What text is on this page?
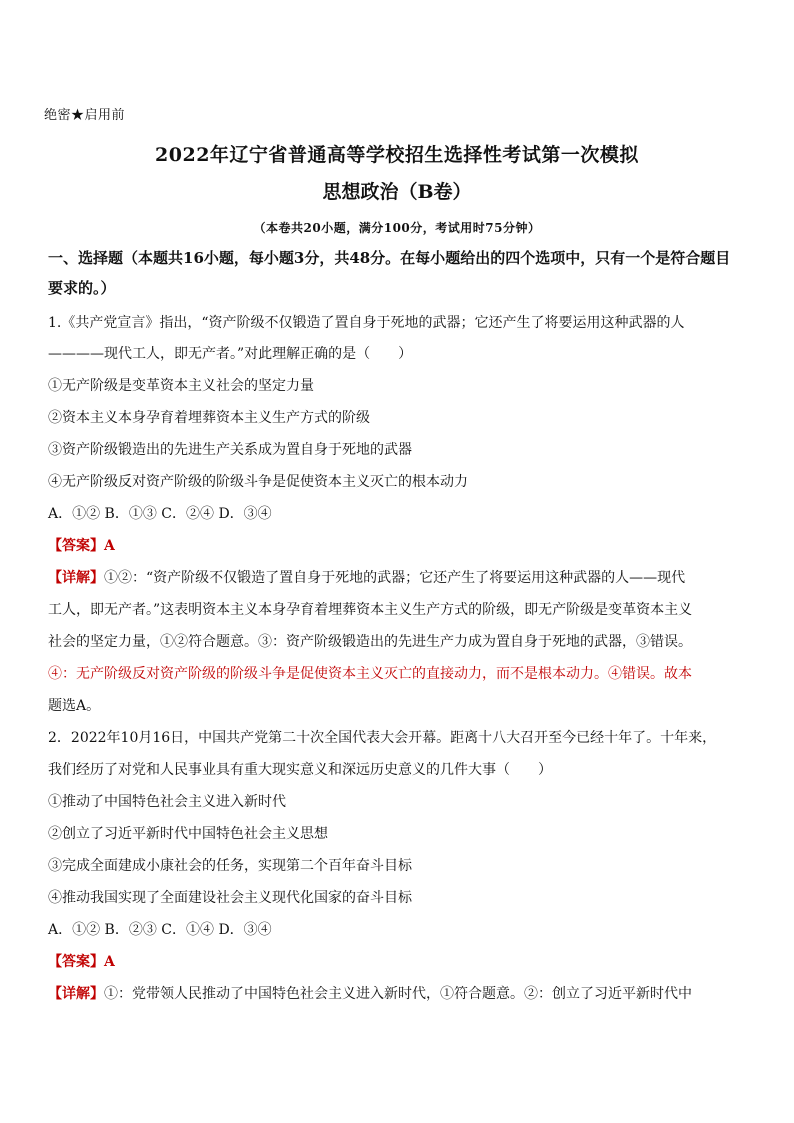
绝密★启用前
2022年辽宁省普通高等学校招生选择性考试第一次模拟
思想政治（B卷）
（本卷共20小题，满分100分，考试用时75分钟）
一、选择题（本题共16小题，每小题3分，共48分。在每小题给出的四个选项中，只有一个是符合题目
要求的。）
1.《共产党宣言》指出，“资产阶级不仅锻造了置自身于死地的武器；它还产生了将要运用这种武器的人
————现代工人，即无产者。”对此理解正确的是（　　）
①无产阶级是变革资本主义社会的坚定力量
②资本主义本身孕育着埋葬资本主义生产方式的阶级
③资产阶级锻造出的先进生产关系成为置自身于死地的武器
④无产阶级反对资产阶级的阶级斗争是促使资本主义灭亡的根本动力
A．①② B．①③ C．②④ D．③④
【答案】A
【详解】①②：“资产阶级不仅锻造了置自身于死地的武器；它还产生了将要运用这种武器的人——现代
工人，即无产者。”这表明资本主义本身孕育着埋葬资本主义生产方式的阶级，即无产阶级是变革资本主义
社会的坚定力量，①②符合题意。③：资产阶级锻造出的先进生产力成为置自身于死地的武器，③错误。
④：无产阶级反对资产阶级的阶级斗争是促使资本主义灭亡的直接动力，而不是根本动力。④错误。故本
题选A。
2．2022年10月16日，中国共产党第二十次全国代表大会开幕。距离十八大召开至今已经十年了。十年来，
我们经历了对党和人民事业具有重大现实意义和深远历史意义的几件大事（　　）
①推动了中国特色社会主义进入新时代
②创立了习近平新时代中国特色社会主义思想
③完成全面建成小康社会的任务，实现第二个百年奋斗目标
④推动我国实现了全面建设社会主义现代化国家的奋斗目标
A．①② B．②③ C．①④ D．③④
【答案】A
【详解】①：党带领人民推动了中国特色社会主义进入新时代，①符合题意。②：创立了习近平新时代中
